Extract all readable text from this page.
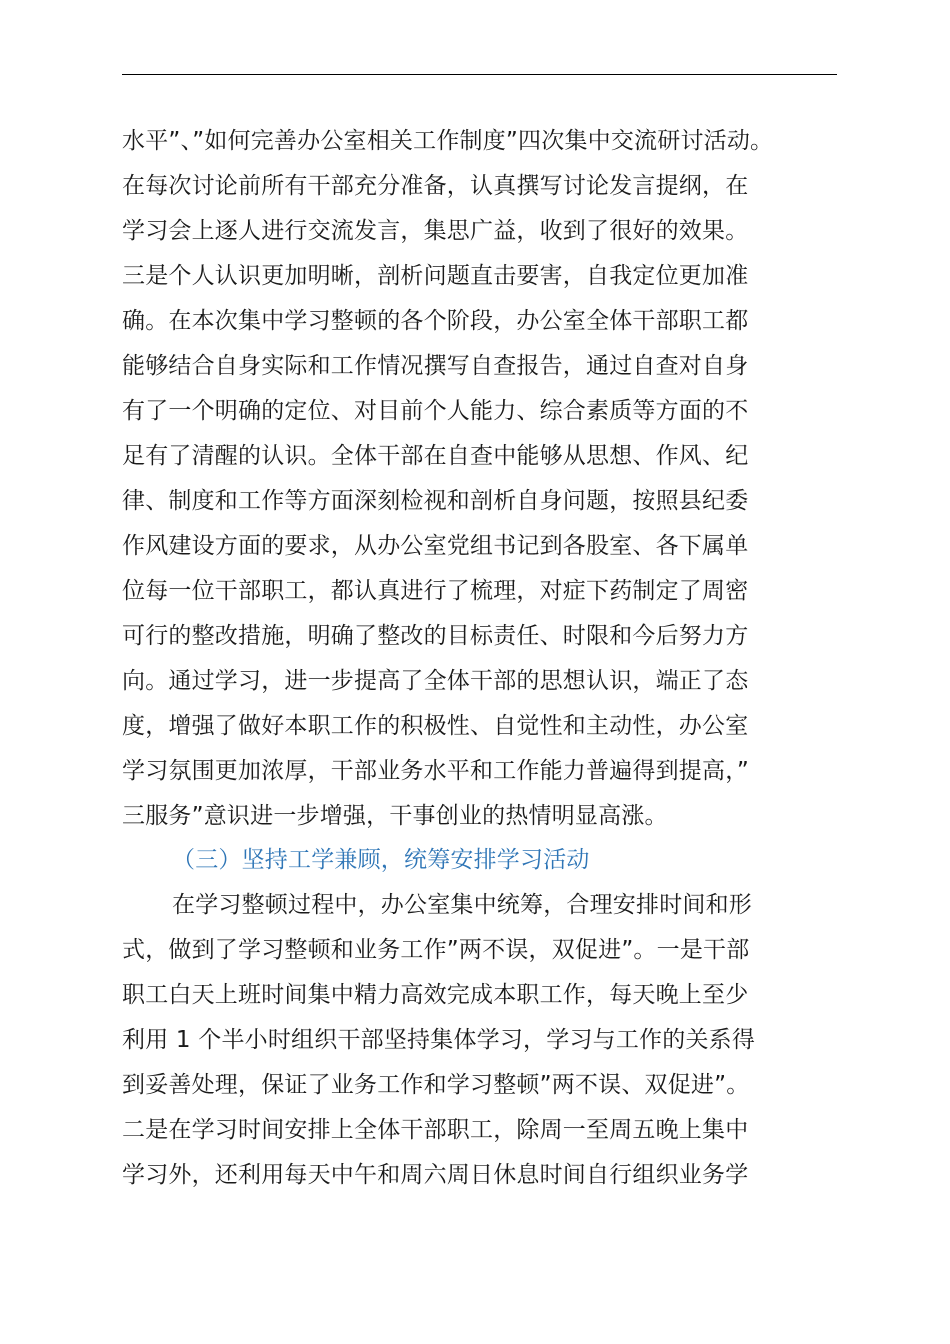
水平”、”如何完善办公室相关工作制度”四次集中交流研讨活动。
在每次讨论前所有干部充分准备，认真撰写讨论发言提纲，在
学习会上逐人进行交流发言，集思广益，收到了很好的效果。
三是个人认识更加明晰，剖析问题直击要害，自我定位更加准
确。在本次集中学习整顿的各个阶段，办公室全体干部职工都
能够结合自身实际和工作情况撰写自查报告，通过自查对自身
有了一个明确的定位、对目前个人能力、综合素质等方面的不
足有了清醒的认识。全体干部在自查中能够从思想、作风、纪
律、制度和工作等方面深刻检视和剖析自身问题，按照县纪委
作风建设方面的要求，从办公室党组书记到各股室、各下属单
位每一位干部职工，都认真进行了梳理，对症下药制定了周密
可行的整改措施，明确了整改的目标责任、时限和今后努力方
向。通过学习，进一步提高了全体干部的思想认识，端正了态
度，增强了做好本职工作的积极性、自觉性和主动性，办公室
学习氛围更加浓厚，干部业务水平和工作能力普遍得到提高，”
三服务”意识进一步增强，干事创业的热情明显高涨。
（三）坚持工学兼顾，统筹安排学习活动
在学习整顿过程中，办公室集中统筹，合理安排时间和形
式，做到了学习整顿和业务工作”两不误，双促进”。一是干部
职工白天上班时间集中精力高效完成本职工作，每天晚上至少
利用 1 个半小时组织干部坚持集体学习，学习与工作的关系得
到妥善处理，保证了业务工作和学习整顿”两不误、双促进”。
二是在学习时间安排上全体干部职工，除周一至周五晚上集中
学习外，还利用每天中午和周六周日休息时间自行组织业务学
